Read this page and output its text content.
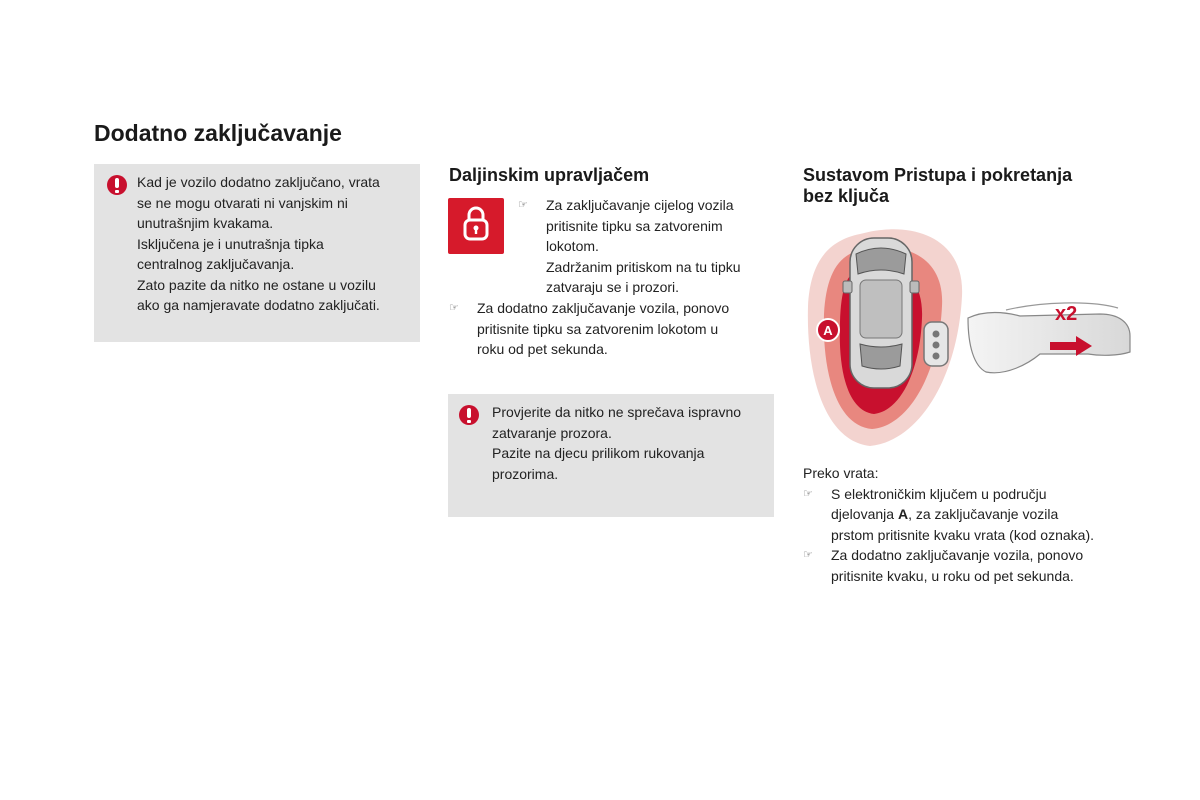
Dodatno zaključavanje
Kad je vozilo dodatno zaključano, vrata
se ne mogu otvarati ni vanjskim ni
unutrašnjim kvakama.
Isključena je i unutrašnja tipka
centralnog zaključavanja.
Zato pazite da nitko ne ostane u vozilu
ako ga namjeravate dodatno zaključati.
Daljinskim upravljačem
☞ Za zaključavanje cijelog vozila

pritisnite tipku sa zatvorenim

lokotom.

Zadržanim pritiskom na tu tipku

zatvaraju se i prozori.

☞ Za dodatno zaključavanje vozila, ponovo

pritisnite tipku sa zatvorenim lokotom u

roku od pet sekunda.

Provjerite da nitko ne sprečava ispravno
zatvaranje prozora.
Pazite na djecu prilikom rukovanja
prozorima.
Sustavom Pristupa i pokretanja
bez ključa
A
x2

Preko vrata:

☞ S elektroničkim ključem u području

djelovanja A, za zaključavanje vozila

prstom pritisnite kvaku vrata (kod oznaka).

☞ Za dodatno zaključavanje vozila, ponovo

pritisnite kvaku, u roku od pet sekunda.
